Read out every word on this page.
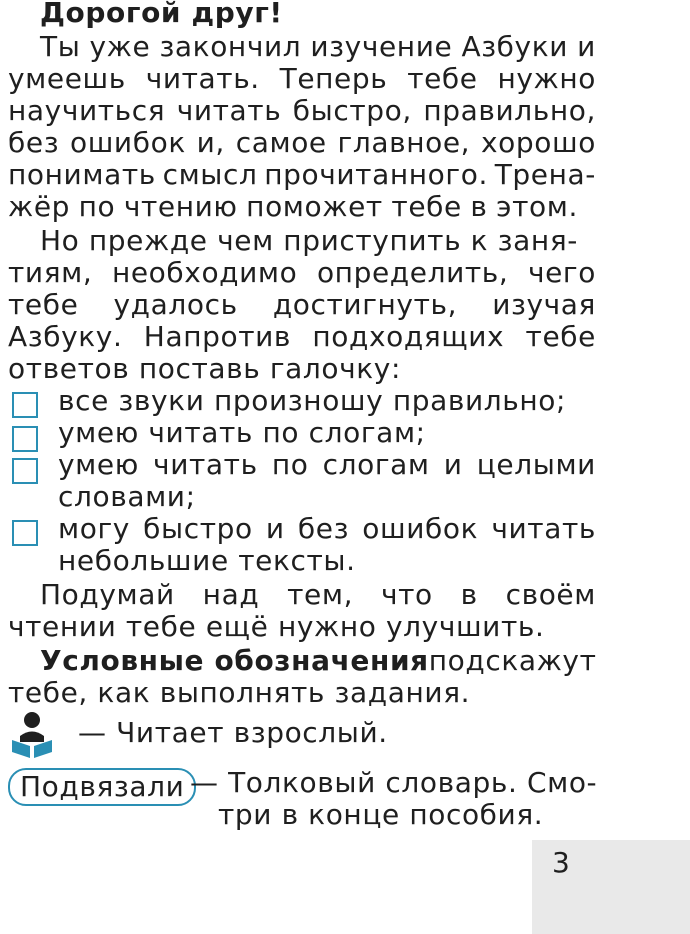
Дорогой друг!
Ты уже закончил изучение Азбуки и
умеешь читать. Теперь тебе нужно
научиться читать быстро, правильно,
без ошибок и, самое главное, хорошо
понимать смысл прочитанного. Трена-
жёр по чтению поможет тебе в этом.
Но прежде чем приступить к заня-
тиям, необходимо определить, чего
тебе удалось достигнуть, изучая
Азбуку. Напротив подходящих тебе
ответов поставь галочку:
все звуки произношу правильно;
умею читать по слогам;
умею читать по слогам и целыми
словами;
могу быстро и без ошибок читать
небольшие тексты.
Подумай над тем, что в своём
чтении тебе ещё нужно улучшить.
Условные обозначения подскажут
тебе, как выполнять задания.
— Читает взрослый.
Подвязали — Толковый словарь. Смо-
три в конце пособия.
3
